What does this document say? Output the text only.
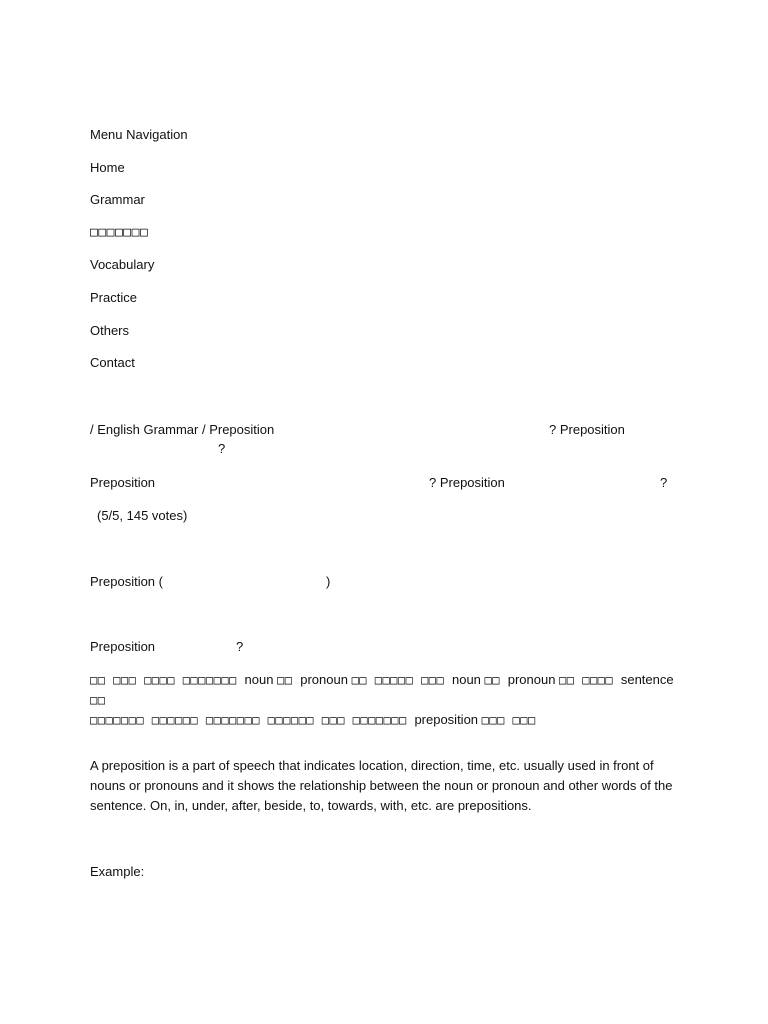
Menu Navigation
Home
Grammar
□□□□□□□
Vocabulary
Practice
Others
Contact
/ English Grammar / Preposition	? Preposition
?
Preposition	? Preposition	?
(5/5, 145 votes)
Preposition (	)
Preposition	?
□□ □□□ □□□□ □□□□□□□ noun □□ pronoun □□ □□□□□ □□□ noun □□ pronoun □□ □□□□ sentence □□
□□□□□□□ □□□□□□ □□□□□□□ □□□□□□ □□□ □□□□□□□ preposition □□□ □□□
A preposition is a part of speech that indicates location, direction, time, etc. usually used in front of nouns or pronouns and it shows the relationship between the noun or pronoun and other words of the sentence. On, in, under, after, beside, to, towards, with, etc. are prepositions.
Example:
